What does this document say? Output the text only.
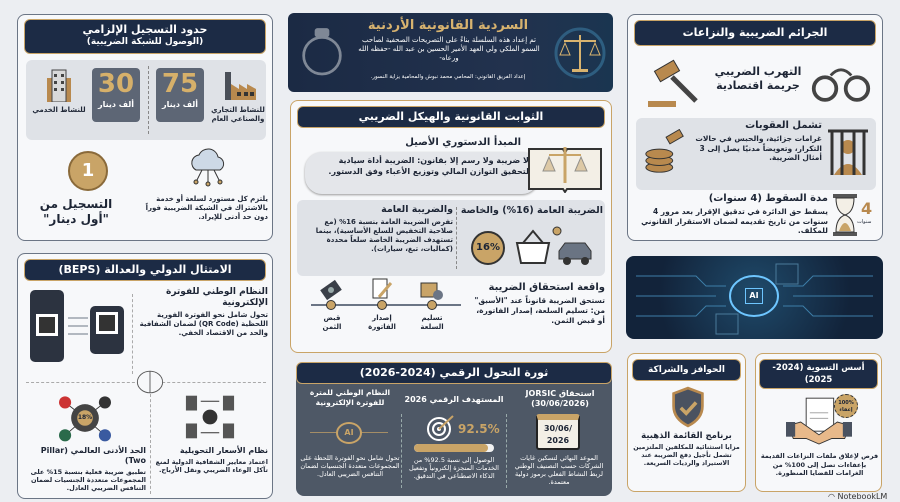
حدود التسجيل الإلزامي
(الوصول للشبكة الضريبية)
للنشاط التجاري والصناعي العام
75
ألف دينار
30
ألف دينار
للنشاط الخدمي
يلتزم كل مستورد لسلعة أو خدمة بالاشتراك في الشبكة الضريبية فوراً دون حد أدنى للإيراد.
1
التسجيل من
"أول دينار"
الامتثال الدولي والعدالة (BEPS)
النظام الوطني للفوترة الإلكترونية
تحول شامل نحو الفوترة الفورية اللحظية (QR Code) لضمان الشفافية والحد من الاقتصاد الخفي.
18%
الحد الأدنى العالمي (Pillar Two)
تطبيق ضريبة فعلية بنسبة 15% على المجموعات متعددة الجنسيات لضمان التنافس الضريبي العادل.
نظام الأسعار التحويلية
اعتماد معايير الشفافية الدولية لمنع تآكل الوعاء الضريبي ونقل الأرباح.
السردية القانونية الأردنية
تم إعداد هذه السلسلة بناءً على التصريحات الصحفية لصاحب السمو الملكي ولي العهد الأمير الحسين بن عبد الله -حفظه الله ورعاه-
إعداد الفريق القانوني: المحامي محمد نبوش والمحامية يزاية النسور.
الثوابت القانونية والهيكل الضريبي
المبدأ الدستوري الأصيل
لا ضريبة ولا رسم إلا بقانون: الضريبة أداة سيادية لتحقيق التوازن المالي وتوزيع الأعباء وفق الدستور.
الضريبة العامة (16%) والخاصة
16%
والضريبة العامة
تفرض الضريبة العامة بنسبة 16% (مع صلاحية التخفيض للسلع الأساسية)، بينما تستهدف الضريبة الخاصة سلعاً محددة (كماليات، تبغ، سيارات).
واقعة استحقاق الضريبة
تستحق الضريبة قانوناً عند "الأسبق" من: تسليم السلعة، إصدار الفاتورة، أو قبض الثمن.
تسليم السلعة
إصدار الفاتورة
قبض الثمن
ثورة التحول الرقمي (2024-2026)
استحقاق JORSIC (30/06/2026)
30/06/ 2026
الموعد النهائي لتسكين غايات الشركات حسب التصنيف الوطني لربط النشاط الفعلي برموز دولية معتمدة.
المستهدف الرقمي 2026
92.5%
الوصول إلى نسبة 92.5% من الخدمات المنجزة إلكترونياً وتفعيل الذكاء الاصطناعي في التدقيق.
النظام الوطني للمترة للفوترة الإلكترونية
AI
تحول شامل نحو الفوترة اللحظة على المجموعات متعددة الجنسيات لضمان التنافس الضريبي العادل.
الجرائم الضريبية والنزاعات
التهرب الضريبي جريمة اقتصادية
تشمل العقوبات
غرامات جزائية، والحبس في حالات التكرار، وتعويضاً مدنيًا يصل إلى 3 أمثال الضريبة.
4
سنوات
مدة السقوط (4 سنوات)
يسقط حق الدائرة في تدقيق الإقرار بعد مرور 4 سنوات من تاريخ تقديمه لضمان الاستقرار القانوني للمكلف.
AI
الحوافز والشراكة
برنامج القائمة الذهبية
مزايا استثنائية للمكلفين الملتزمين تشمل تأجيل دفع الضريبة عند الاستيراد والرديات السريعة.
100% إعفاء
أسس التسوية (2024-2025)
فرص لإغلاق ملفات النزاعات القديمة بإعفاءات تصل إلى 100% من الغرامات للقضايا المنظورة.
◠ NotebookLM
